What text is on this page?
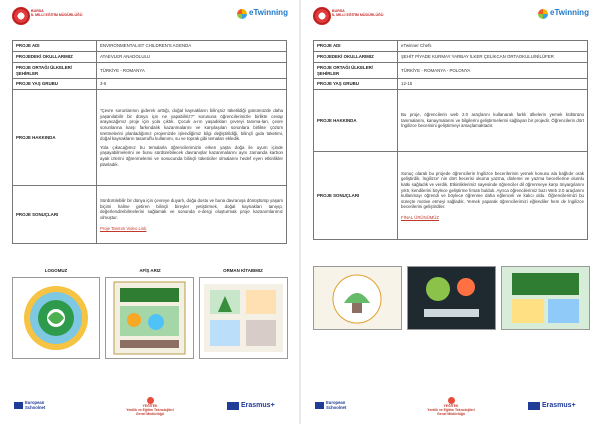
BURSA
İL MİLLİ EĞİTİM MÜDÜRLÜĞÜ	eTwinning
PROJE ADI	ENVIRONMENTALIST CHILDREN'S AGENDA
PROJEDEKİ OKULLARIMIZ	ATAEVLER ANADOLULU
PROJE ORTAĞI ÜLKELER/ŞEHİRLER	TÜRKİYE - ROMANYA
PROJE YAŞ GRUBU	3-6
PROJE HAKKINDA	"Çevre sorunlarının giderek arttığı, doğal kaynakların bilinçsiz tüketildiği günümüzde daha yaşanılabilir bir dünya için ne yapabiliriz?" sorusuna öğrencilerimizle birlikte cevap arayacağımız proje için yola çıktık. Çocuk a-rın yaşadıkları çevreyi tanıma-ları, çevre sorunlarına karşı farkındalık kazanmalarını ve karşılaşılan sorunlara birlikte çözüm üretmelerini planladığımız projemizde işlendiğimiz bilgi değiştirildiği, bilinçli gıda tüketimi, doğal kaynakların tasarruflu kullanımı, su ve toprak gibi temaları ekledik.

Yola çıkacağımız bu temalarla öğrencilerimizin erken yaşta doğa ile uyum içinde yaşayabilmelerini ve bunu sürdürebilecek davranışlar kazanmalarını aynı zamanda karbon ayak izlerini öğrenmelerini ve sonucunda bilinçli tüketiciler olmalarını hedef eyen etkinlikler planladık.

PROJE SONUÇLARI	Sürdürülebilir bir dünya için çevreye duyarlı, doğa dostu ve buna davranışa dönüştürüp yaşam biçimi haline getiren bilinçli bireyler yetiştirmek, doğal kaynakları tanıyıp, değerlendirebilmelerini sağlamak ve sonunda e-dergi oluşturmak proje kazanımlarımız olmuştur.

Proje Tanıtım Video Link

LOGOMUZ	AFİŞ ARIZ	ORMAN KİTABIMIZ
European
Schoolnet	YEĞİTEK
Yenilik ve Eğitim Teknolojileri
Genel Müdürlüğü
Erasmus+
BURSA
İL MİLLİ EĞİTİM MÜDÜRLÜĞÜ	eTwinning
PROJE ADI	eTwinner Chefs
PROJEDEKİ OKULLARIMIZ	ŞEHİT PİYADE KURMAY YARBAY İLKER ÇELİKCAN ORTAOKULU/NİLÜFER
PROJE ORTAĞI ÜLKELER/ŞEHİRLER	TÜRKİYE - ROMANYA - POLONYA
PROJE YAŞ GRUBU	12-15
PROJE HAKKINDA	Bu proje, öğrencilerin web 2.0 araçlarını kullanarak farklı ülkelerin yemek kültürünü tanımalarını, kanaymalarını ve bilgilerini geliştirmelerini sağlayan bir projedir. Öğrencilerin dört İngilizce becerisini geliştirmeyi amaçlamaktadır.

PROJE SONUÇLARI	Sonuç olarak bu projede öğrencilerin İngilizce becerilerinin yemek konusu ala bağlıdır orak geliştirdik. İngilizce' nin dört becerisi okuma yazma, dinleme ve yazma becerilerine olumlu katkı sağladık ve verdik. Etkinliklerimiz sayesinde öğrenciler dil öğrenmeye karşı önyargılarını yıktı, kendilerini böylece geliştirme fırsatı bulduk. Ayrıca öğrencilerimiz bazı Web 2.0 araçlarını kullanmayı öğrendi ve böylece öğrenme daha eğlenceli ve kalıcı oldu. Öğrencilerimizi bu süreçte motive etmeyi sağladık. Yemek yaparak öğrencilerimizi eğlendiler hem de İngilizce becerilerini geliştirdiler.

FİNAL ÜRÜNÜMÜZ

European
Schoolnet	YEĞİTEK
Yenilik ve Eğitim Teknolojileri
Genel Müdürlüğü
Erasmus+
